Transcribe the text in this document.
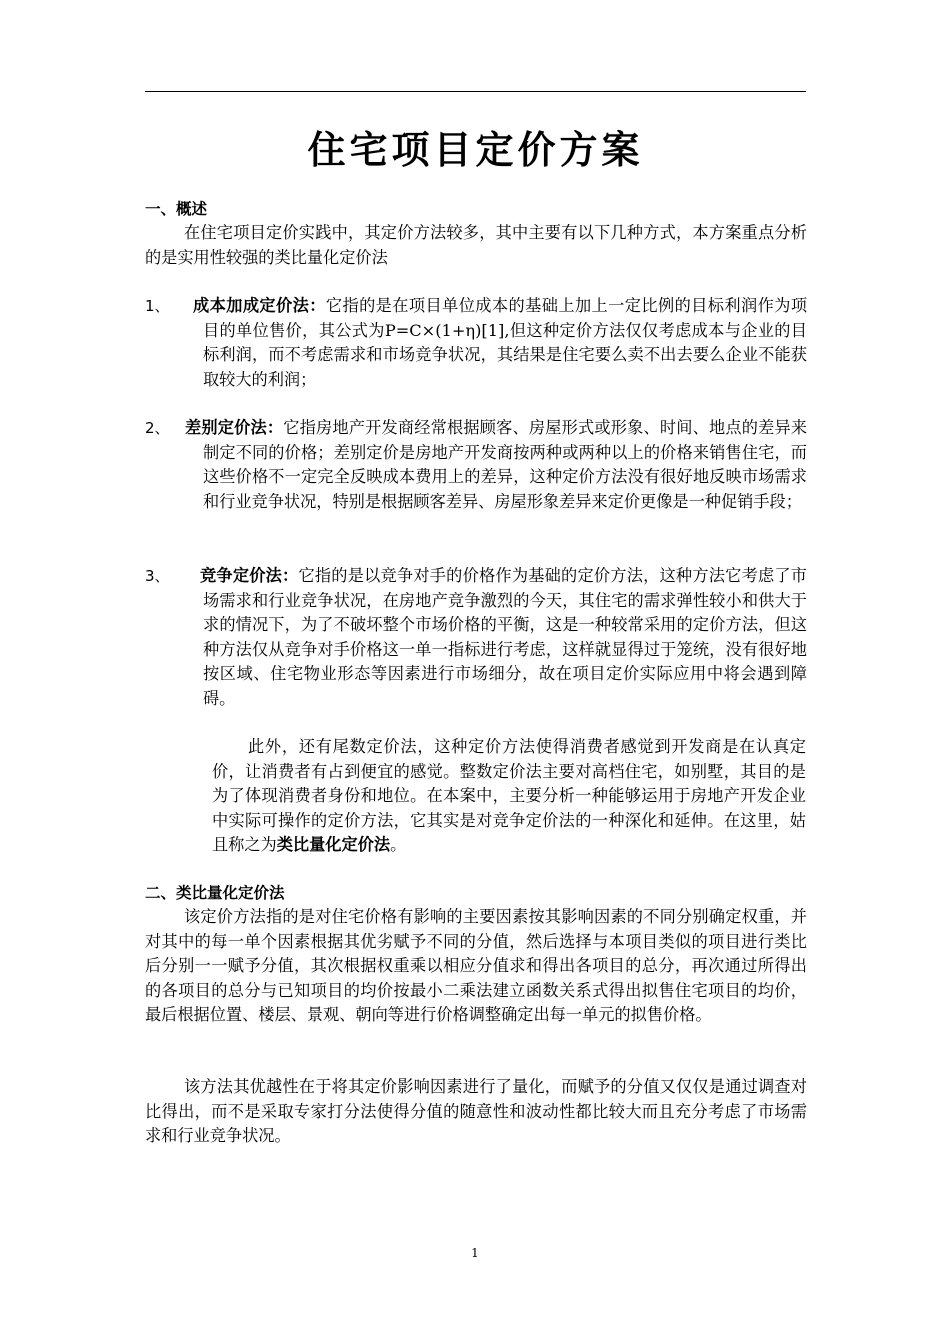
住宅项目定价方案
一、概述
在住宅项目定价实践中，其定价方法较多，其中主要有以下几种方式，本方案重点分析的是实用性较强的类比量化定价法
1、 成本加成定价法：它指的是在项目单位成本的基础上加上一定比例的目标利润作为项目的单位售价，其公式为P=C×(1+η)[1],但这种定价方法仅仅考虑成本与企业的目标利润，而不考虑需求和市场竞争状况，其结果是住宅要么卖不出去要么企业不能获取较大的利润；
2、 差别定价法：它指房地产开发商经常根据顾客、房屋形式或形象、时间、地点的差异来制定不同的价格；差别定价是房地产开发商按两种或两种以上的价格来销售住宅，而这些价格不一定完全反映成本费用上的差异，这种定价方法没有很好地反映市场需求和行业竞争状况，特别是根据顾客差异、房屋形象差异来定价更像是一种促销手段；
3、 竞争定价法：它指的是以竞争对手的价格作为基础的定价方法，这种方法它考虑了市场需求和行业竞争状况，在房地产竞争激烈的今天，其住宅的需求弹性较小和供大于求的情况下，为了不破坏整个市场价格的平衡，这是一种较常采用的定价方法，但这种方法仅从竞争对手价格这一单一指标进行考虑，这样就显得过于笼统，没有很好地按区域、住宅物业形态等因素进行市场细分，故在项目定价实际应用中将会遇到障碍。
此外，还有尾数定价法，这种定价方法使得消费者感觉到开发商是在认真定价，让消费者有占到便宜的感觉。整数定价法主要对高档住宅，如别墅，其目的是为了体现消费者身份和地位。在本案中，主要分析一种能够运用于房地产开发企业中实际可操作的定价方法，它其实是对竞争定价法的一种深化和延伸。在这里，姑且称之为类比量化定价法。
二、类比量化定价法
该定价方法指的是对住宅价格有影响的主要因素按其影响因素的不同分别确定权重，并对其中的每一单个因素根据其优劣赋予不同的分值，然后选择与本项目类似的项目进行类比后分别一一赋予分值，其次根据权重乘以相应分值求和得出各项目的总分，再次通过所得出的各项目的总分与已知项目的均价按最小二乘法建立函数关系式得出拟售住宅项目的均价，最后根据位置、楼层、景观、朝向等进行价格调整确定出每一单元的拟售价格。
该方法其优越性在于将其定价影响因素进行了量化，而赋予的分值又仅仅是通过调查对比得出，而不是采取专家打分法使得分值的随意性和波动性都比较大而且充分考虑了市场需求和行业竞争状况。
1
